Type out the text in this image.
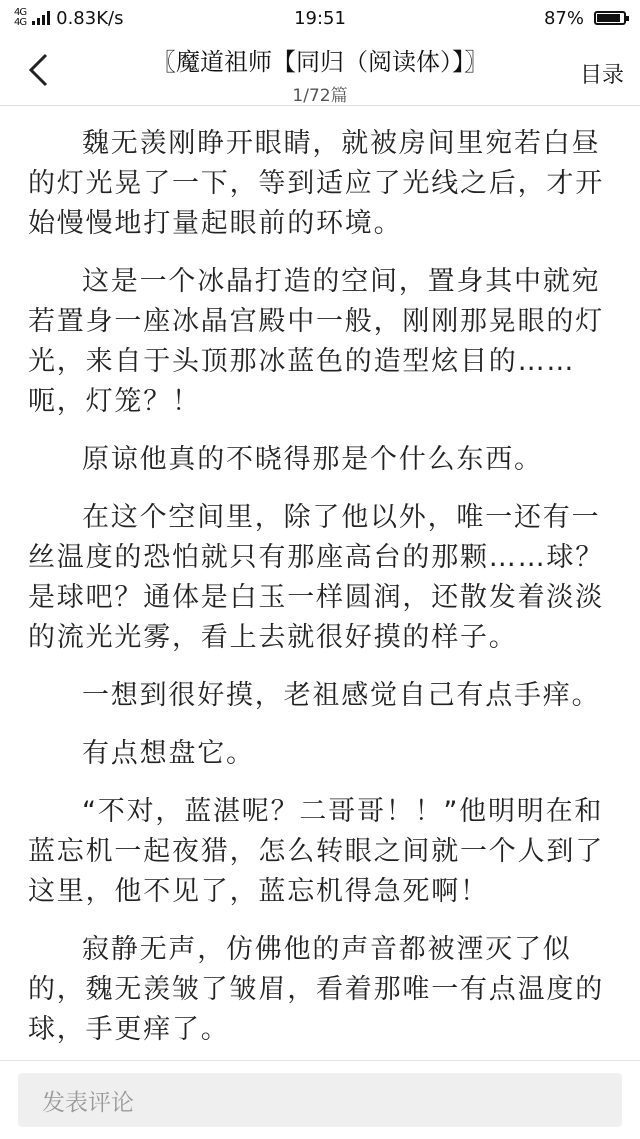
4G
4G 0.83K/s	19:51	87%
〖魔道祖师【同归（阅读体）】〗
1/72篇
目录

魏无羡刚睁开眼睛，就被房间里宛若白昼的灯光晃了一下，等到适应了光线之后，才开始慢慢地打量起眼前的环境。

这是一个冰晶打造的空间，置身其中就宛若置身一座冰晶宫殿中一般，刚刚那晃眼的灯光，来自于头顶那冰蓝色的造型炫目的……呃，灯笼？！

原谅他真的不晓得那是个什么东西。

在这个空间里，除了他以外，唯一还有一丝温度的恐怕就只有那座高台的那颗……球？是球吧？通体是白玉一样圆润，还散发着淡淡的流光光雾，看上去就很好摸的样子。

一想到很好摸，老祖感觉自己有点手痒。

有点想盘它。

“不对，蓝湛呢？二哥哥！！”他明明在和蓝忘机一起夜猎，怎么转眼之间就一个人到了这里，他不见了，蓝忘机得急死啊！

寂静无声，仿佛他的声音都被湮灭了似的，魏无羡皱了皱眉，看着那唯一有点温度的球，手更痒了。

发表评论
